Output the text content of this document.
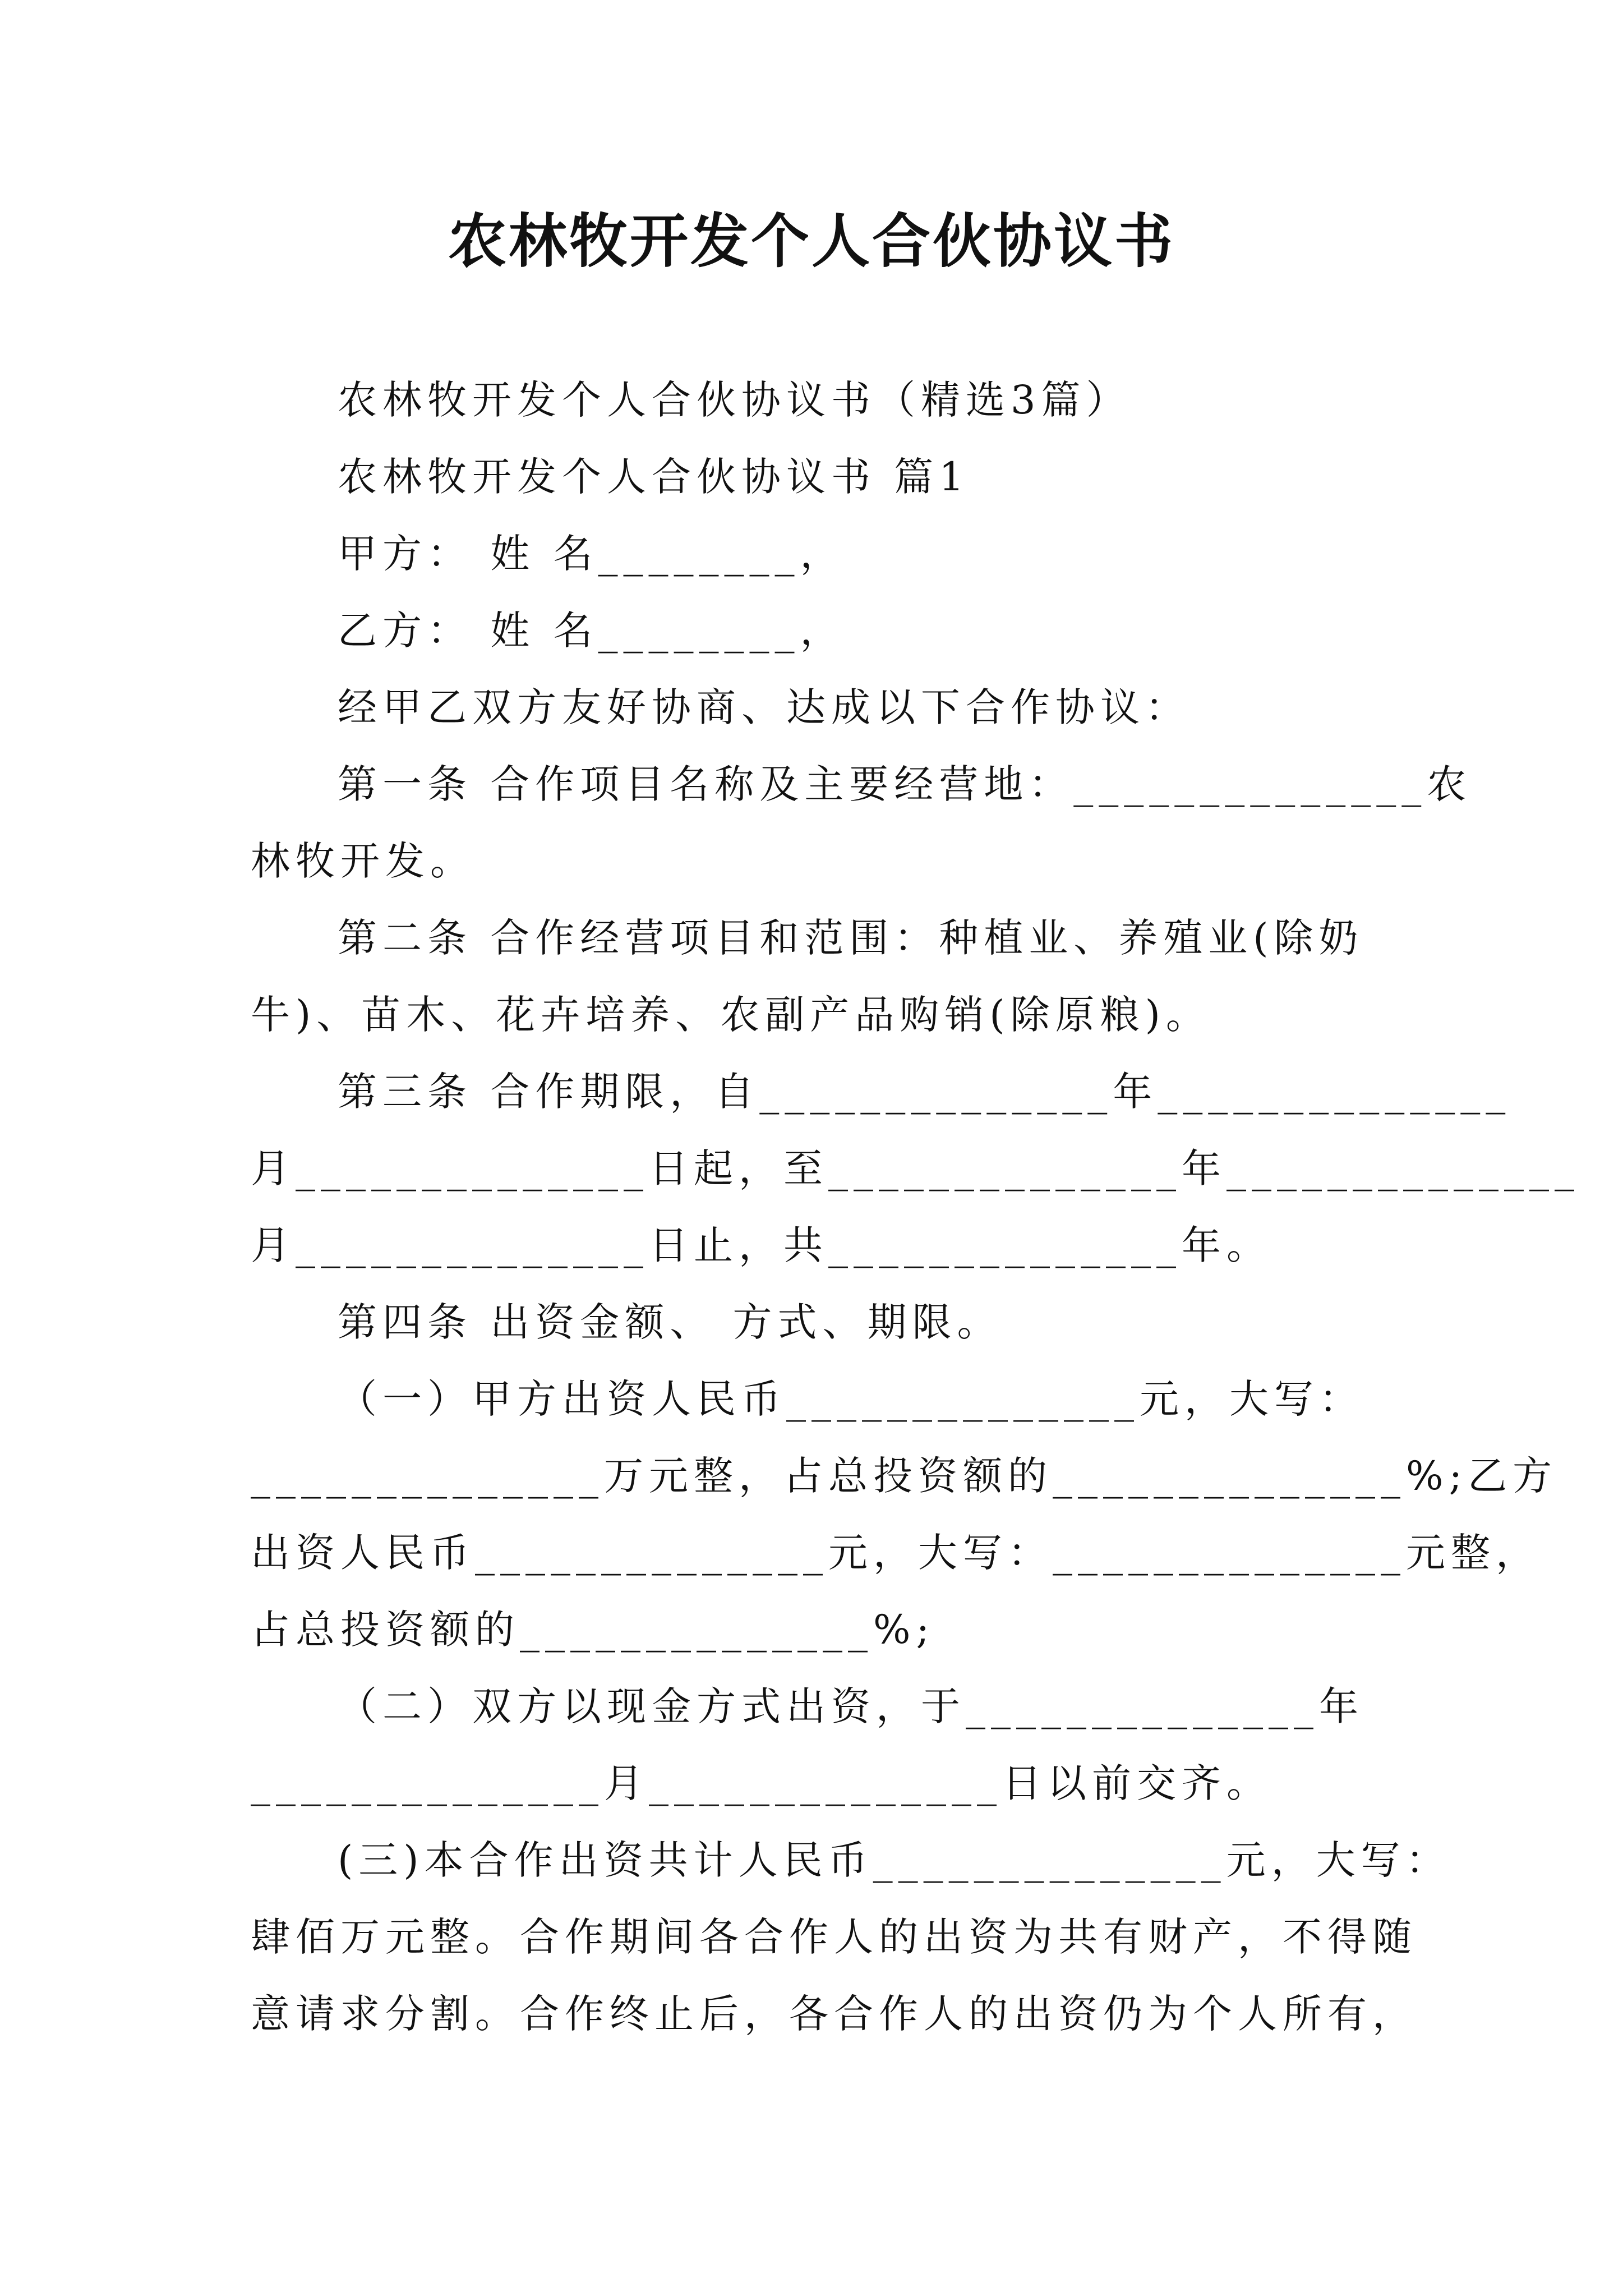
农林牧开发个人合伙协议书

农林牧开发个人合伙协议书（精选3篇）

农林牧开发个人合伙协议书 篇1

甲方： 姓 名________，

乙方： 姓 名________，

经甲乙双方友好协商、达成以下合作协议：

第一条 合作项目名称及主要经营地：______________农

林牧开发。

第二条 合作经营项目和范围：种植业、养殖业(除奶

牛)、苗木、花卉培养、农副产品购销(除原粮)。

第三条 合作期限，自______________年______________

月______________日起，至______________年______________

月______________日止，共______________年。

第四条 出资金额、 方式、期限。

（一）甲方出资人民币______________元，大写：

______________万元整，占总投资额的______________%;乙方

出资人民币______________元，大写：______________元整，

占总投资额的______________%;

（二）双方以现金方式出资，于______________年

______________月______________日以前交齐。

(三)本合作出资共计人民币______________元，大写：

肆佰万元整。合作期间各合作人的出资为共有财产，不得随

意请求分割。合作终止后，各合作人的出资仍为个人所有，
